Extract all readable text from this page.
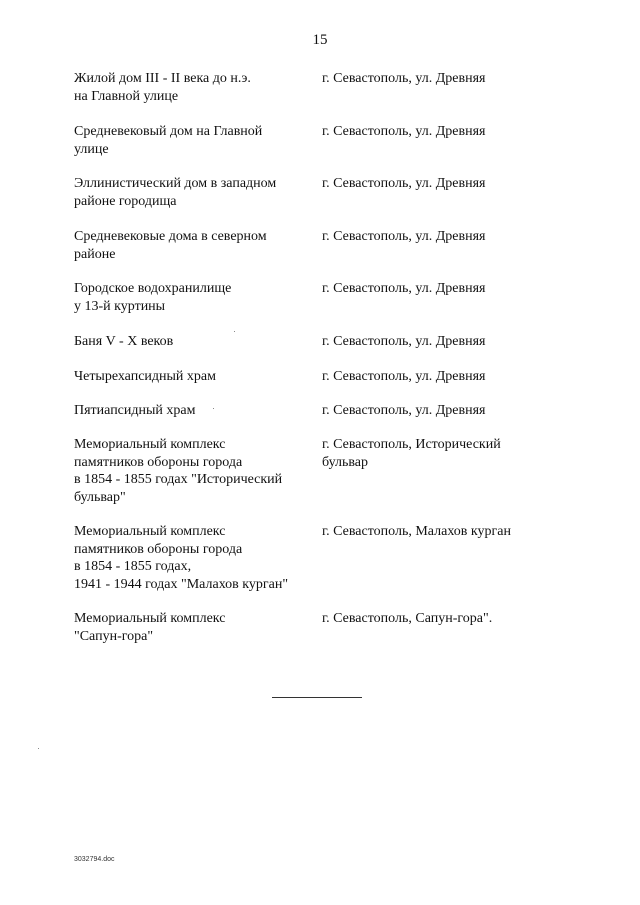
15
Жилой дом III - II века до н.э.
на Главной улице
г. Севастополь, ул. Древняя
Средневековый дом на Главной
улице
г. Севастополь, ул. Древняя
Эллинистический дом в западном
районе городища
г. Севастополь, ул. Древняя
Средневековые дома в северном
районе
г. Севастополь, ул. Древняя
Городское водохранилище
у 13-й куртины
г. Севастополь, ул. Древняя
Баня V - X веков	г. Севастополь, ул. Древняя
Четырехапсидный храм	г. Севастополь, ул. Древняя
Пятиапсидный храм	г. Севастополь, ул. Древняя
Мемориальный комплекс
памятников обороны города
в 1854 - 1855 годах "Исторический
бульвар"
г. Севастополь, Исторический
бульвар
Мемориальный комплекс
памятников обороны города
в 1854 - 1855 годах,
1941 - 1944 годах "Малахов курган"
г. Севастополь, Малахов курган
Мемориальный комплекс
"Сапун-гора"
г. Севастополь, Сапун-гора".
3032794.doc
